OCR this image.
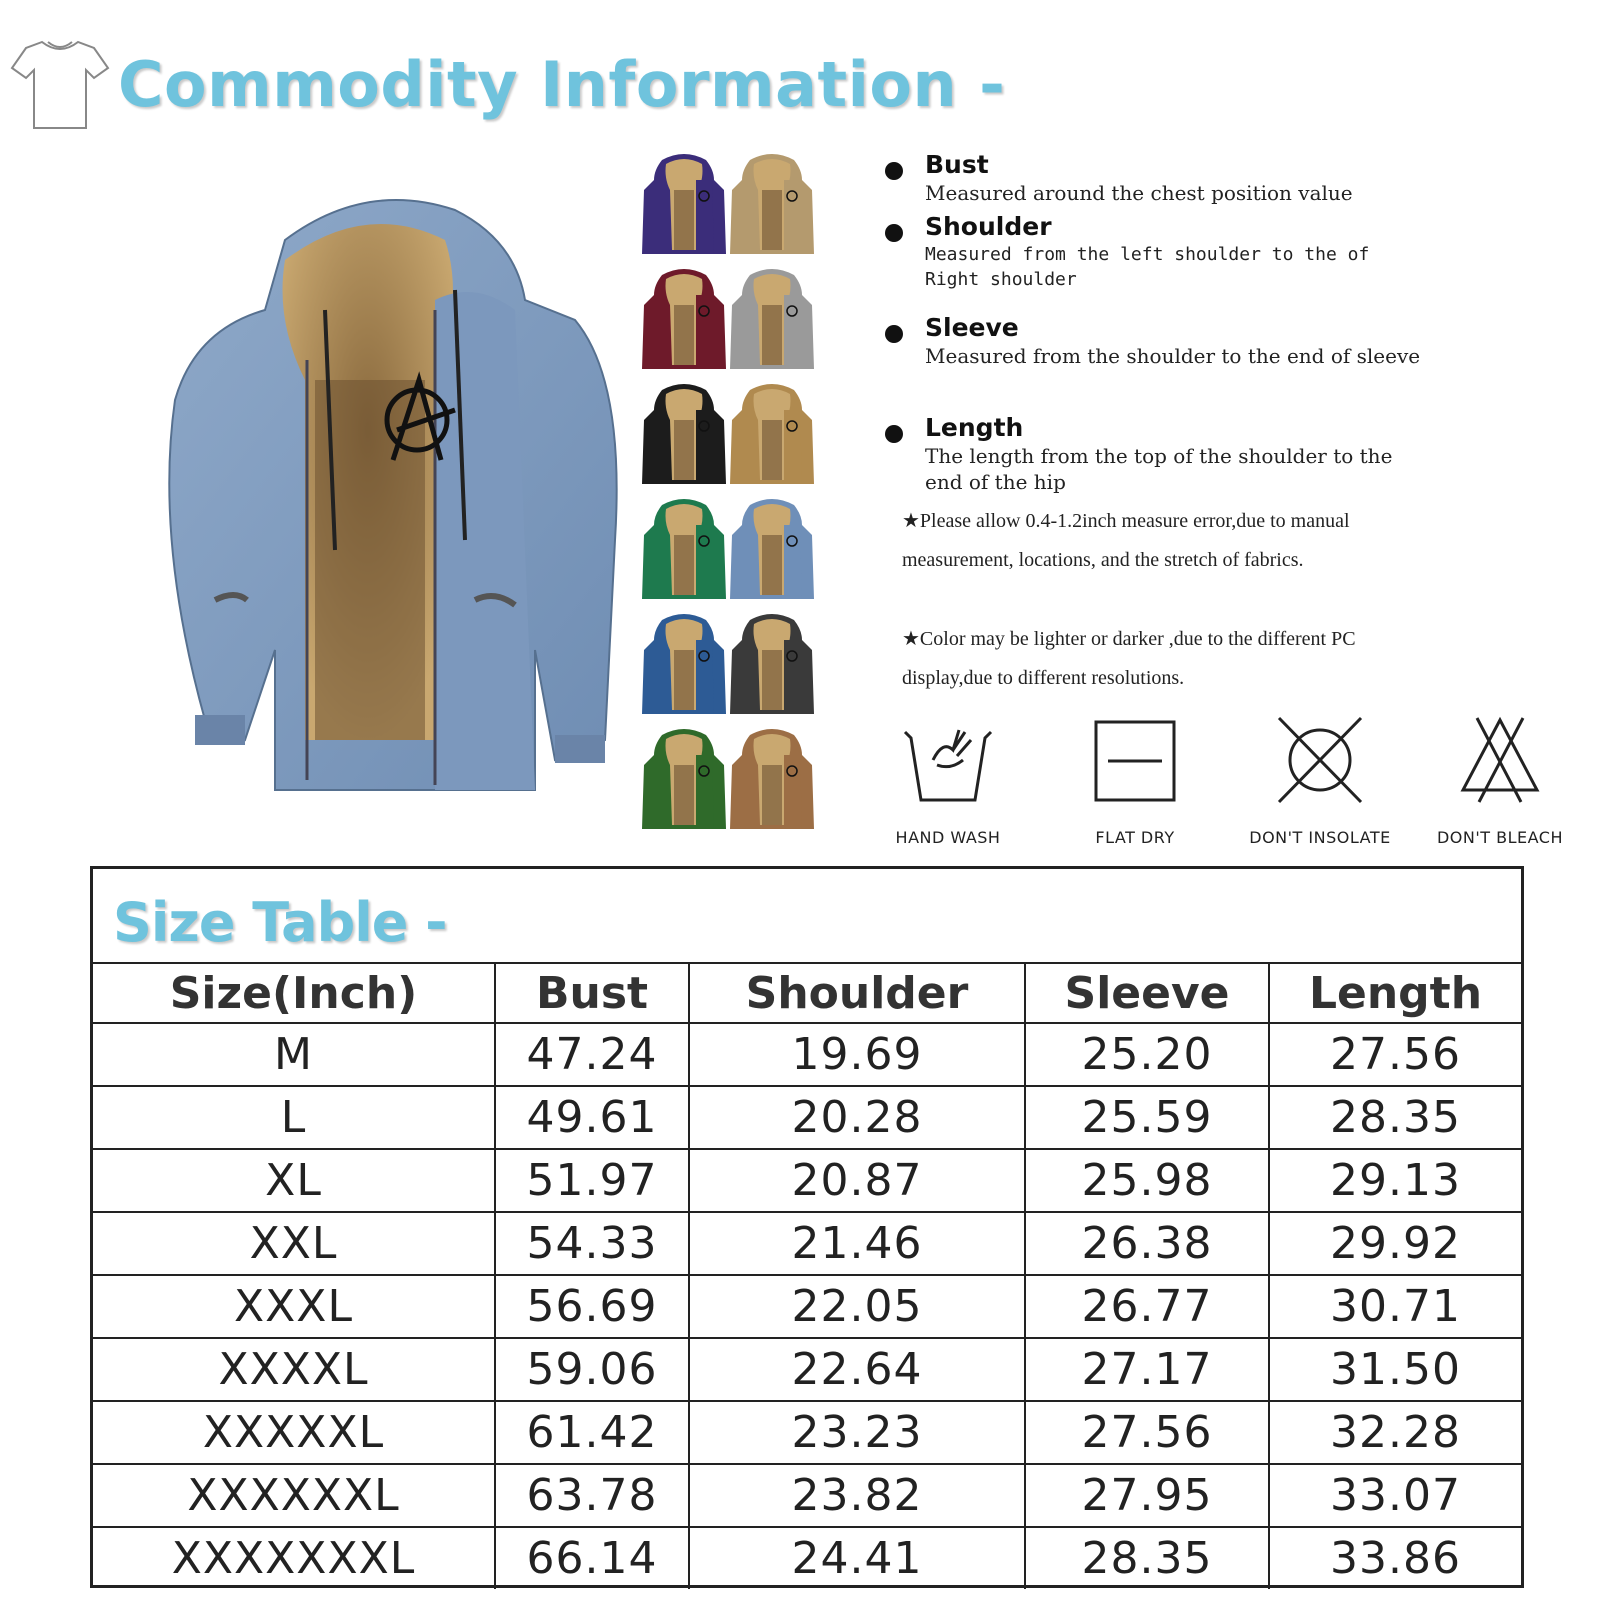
Commodity Information -
Bust
Measured around the chest position value
Shoulder
Measured from the left shoulder to the of Right shoulder
Sleeve
Measured from the shoulder to the end of sleeve
Length
The length from the top of the shoulder to the end of the hip
★Please allow 0.4-1.2inch measure error,due to manual measurement, locations, and the stretch of fabrics.
★Color may be lighter or darker ,due to the different PC display,due to different resolutions.
HAND WASH	FLAT DRY	DON'T INSOLATE	DON'T BLEACH
Size Table -
Size(Inch)	Bust	Shoulder	Sleeve	Length
M	47.24	19.69	25.20	27.56
L	49.61	20.28	25.59	28.35
XL	51.97	20.87	25.98	29.13
XXL	54.33	21.46	26.38	29.92
XXXL	56.69	22.05	26.77	30.71
XXXXL	59.06	22.64	27.17	31.50
XXXXXL	61.42	23.23	27.56	32.28
XXXXXXL	63.78	23.82	27.95	33.07
XXXXXXXL	66.14	24.41	28.35	33.86
